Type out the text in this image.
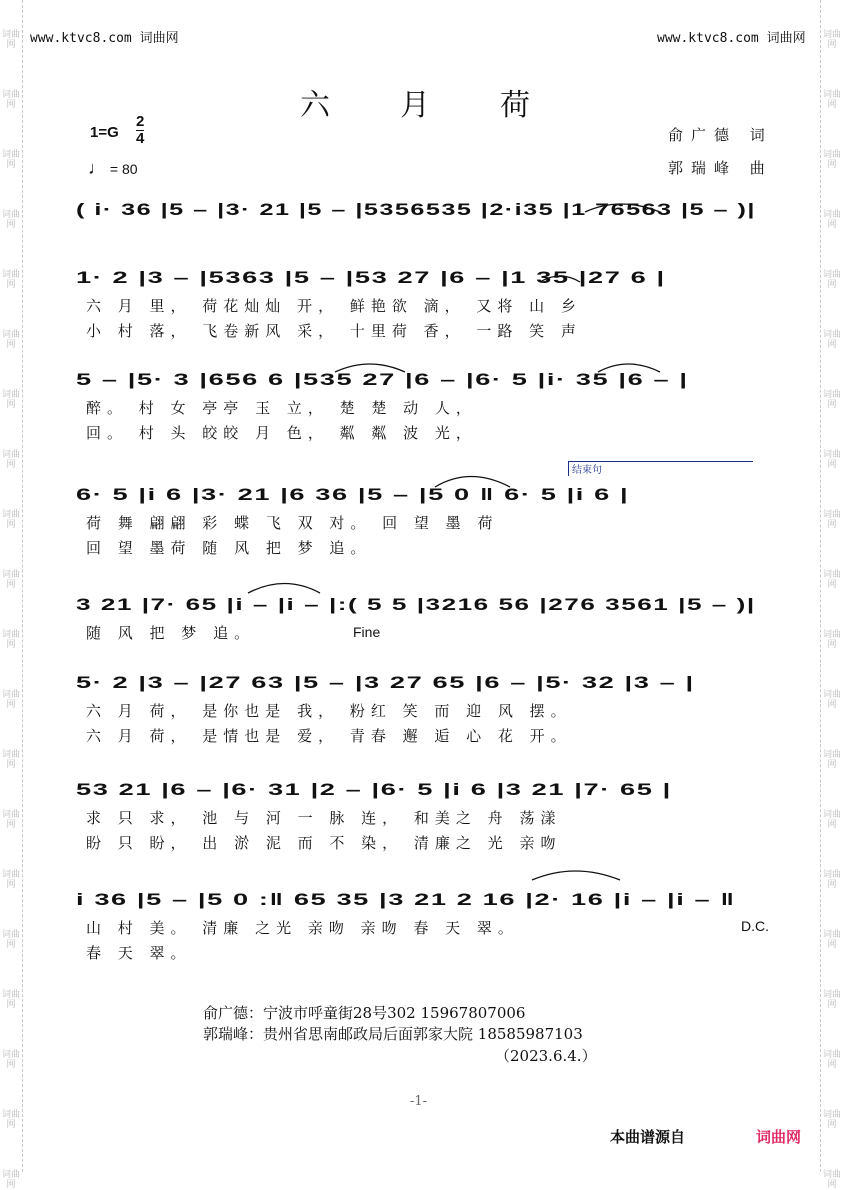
词曲网
词曲网
词曲网
词曲网
词曲网
词曲网
词曲网
词曲网
词曲网
词曲网
词曲网
词曲网
词曲网
词曲网
词曲网
词曲网
词曲网
词曲网
词曲网
词曲网
词曲网
词曲网
词曲网
词曲网
词曲网
词曲网
词曲网
词曲网
词曲网
词曲网
词曲网
词曲网
词曲网
词曲网
词曲网
词曲网
词曲网
词曲网
词曲网
词曲网
www.ktvc8.com 词曲网	www.ktvc8.com 词曲网
六月荷
1=G
2
4
♩ = 80
俞广德 词
郭瑞峰 曲
( i· 36 |5 – |3· 21 |5 – |5356535 |2·i35 |1 76563 |5 – )|
1· 2 |3 – |5363 |5 – |53 27 |6 – |1 35 |27 6 |
六 月 里， 荷花灿灿 开， 鲜艳欲 滴， 又将 山 乡
小 村 落， 飞卷新风 采， 十里荷 香， 一路 笑 声
5 – |5· 3 |656 6 |535 27 |6 – |6· 5 |i· 35 |6 – |
醉。 村 女 亭亭 玉 立， 楚 楚 动 人，
回。 村 头 皎皎 月 色， 粼 粼 波 光，
6· 5 |i 6 |3· 21 |6 36 |5 – |5 0 ‖ 6· 5 |i 6 |
荷 舞 翩翩 彩 蝶 飞 双 对。 回 望 墨 荷
回 望 墨荷 随 风 把 梦 追。
3 21 |7· 65 |i – |i – |:( 5 5 |3216 56 |276 3561 |5 – )|
随 风 把 梦 追。
5· 2 |3 – |27 63 |5 – |3 27 65 |6 – |5· 32 |3 – |
六 月 荷， 是你也是 我， 粉红 笑 而 迎 风 摆。
六 月 荷， 是情也是 爱， 青春 邂 逅 心 花 开。
53 21 |6 – |6· 31 |2 – |6· 5 |i 6 |3 21 |7· 65 |
求 只 求， 池 与 河 一 脉 连， 和美之 舟 荡漾
盼 只 盼， 出 淤 泥 而 不 染， 清廉之 光 亲吻
i 36 |5 – |5 0 :‖ 65 35 |3 21 2 16 |2· 16 |i – |i – ‖
山 村 美。 清廉 之光 亲吻 亲吻 春 天 翠。
春 天 翠。
结束句
Fine
D.C.
俞广德：宁波市呼童街28号302 15967807006
郭瑞峰：贵州省思南邮政局后面郭家大院 18585987103
（2023.6.4.）
-1-
本曲谱源自	词曲网
